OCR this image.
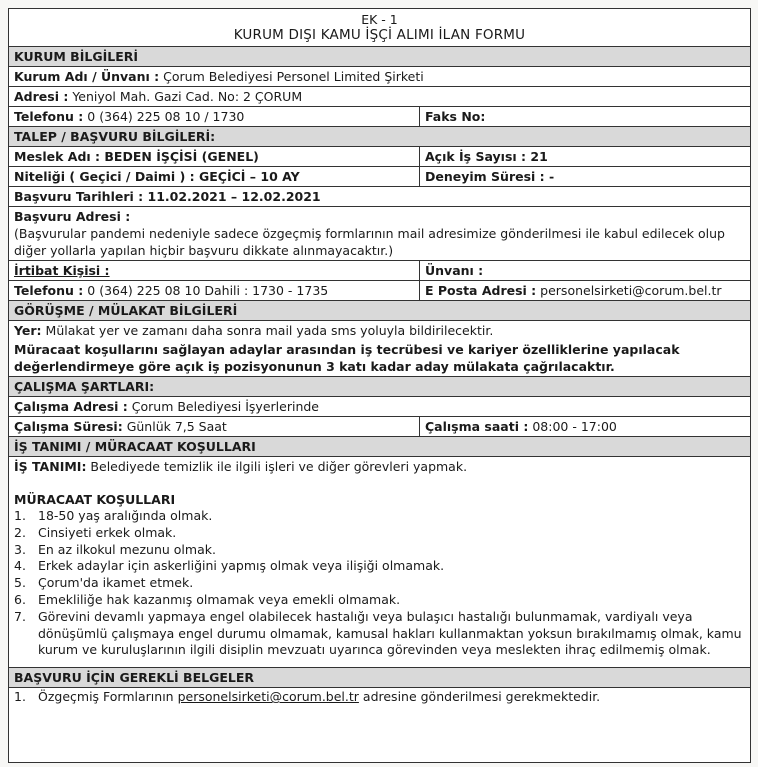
EK - 1
KURUM DIŞI KAMU İŞÇİ ALIMI İLAN FORMU
KURUM BİLGİLERİ
Kurum Adı / Ünvanı : Çorum Belediyesi Personel Limited Şirketi
Adresi : Yeniyol Mah. Gazi Cad. No: 2 ÇORUM
Telefonu : 0 (364) 225 08 10 / 1730	Faks No:
TALEP / BAŞVURU BİLGİLERİ:
Meslek Adı : BEDEN İŞÇİSİ (GENEL)	Açık İş Sayısı : 21
Niteliği ( Geçici / Daimi ) : GEÇİCİ – 10 AY	Deneyim Süresi : -
Başvuru Tarihleri : 11.02.2021 – 12.02.2021
Başvuru Adresi :
(Başvurular pandemi nedeniyle sadece özgeçmiş formlarının mail adresimize gönderilmesi ile kabul edilecek olup diğer yollarla yapılan hiçbir başvuru dikkate alınmayacaktır.)
İrtibat Kişisi :	Ünvanı :
Telefonu : 0 (364) 225 08 10 Dahili : 1730 - 1735	E Posta Adresi : personelsirketi@corum.bel.tr
GÖRÜŞME / MÜLAKAT BİLGİLERİ
Yer: Mülakat yer ve zamanı daha sonra mail yada sms yoluyla bildirilecektir.
Müracaat koşullarını sağlayan adaylar arasından iş tecrübesi ve kariyer özelliklerine yapılacak değerlendirmeye göre açık iş pozisyonunun 3 katı kadar aday mülakata çağrılacaktır.
ÇALIŞMA ŞARTLARI:
Çalışma Adresi : Çorum Belediyesi İşyerlerinde
Çalışma Süresi: Günlük 7,5 Saat	Çalışma saati : 08:00 - 17:00
İŞ TANIMI / MÜRACAAT KOŞULLARI
İŞ TANIMI: Belediyede temizlik ile ilgili işleri ve diğer görevleri yapmak.
MÜRACAAT KOŞULLARI
1. 18-50 yaş aralığında olmak.
2. Cinsiyeti erkek olmak.
3. En az ilkokul mezunu olmak.
4. Erkek adaylar için askerliğini yapmış olmak veya ilişiği olmamak.
5. Çorum'da ikamet etmek.
6. Emekliliğe hak kazanmış olmamak veya emekli olmamak.
7. Görevini devamlı yapmaya engel olabilecek hastalığı veya bulaşıcı hastalığı bulunmamak, vardiyalı veya dönüşümlü çalışmaya engel durumu olmamak, kamusal hakları kullanmaktan yoksun bırakılmamış olmak, kamu kurum ve kuruluşlarının ilgili disiplin mevzuatı uyarınca görevinden veya meslekten ihraç edilmemiş olmak.
BAŞVURU İÇİN GEREKLİ BELGELER
1. Özgeçmiş Formlarının personelsirketi@corum.bel.tr adresine gönderilmesi gerekmektedir.
